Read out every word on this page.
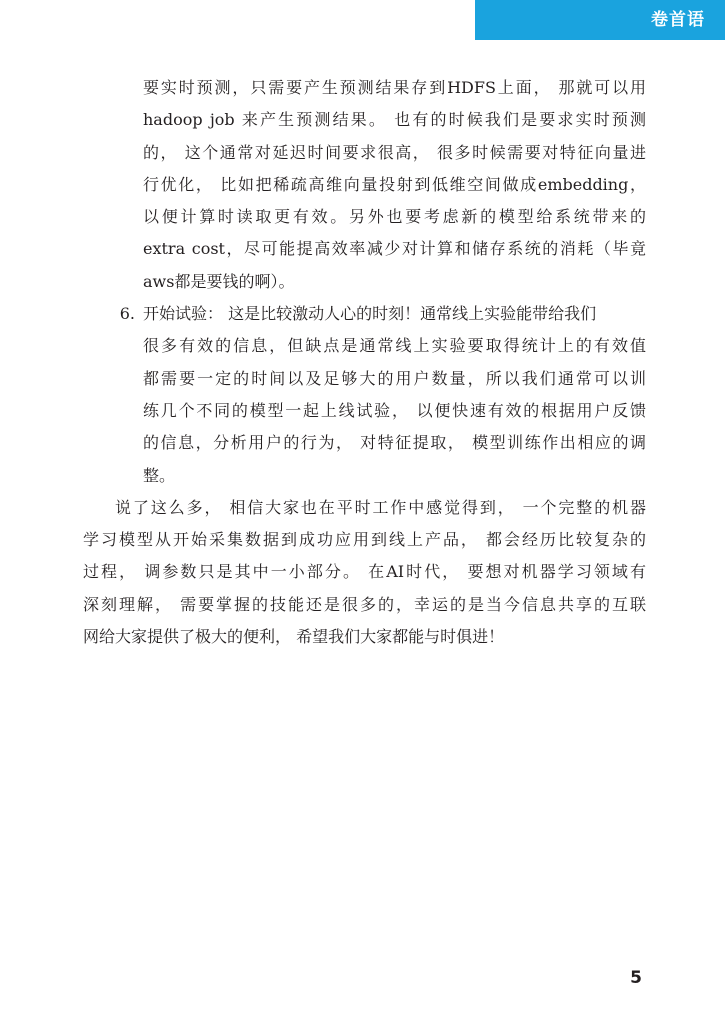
卷首语
要实时预测，只需要产生预测结果存到HDFS上面， 那就可以用
hadoop job 来产生预测结果。 也有的时候我们是要求实时预测
的， 这个通常对延迟时间要求很高， 很多时候需要对特征向量进
行优化， 比如把稀疏高维向量投射到低维空间做成embedding，
以便计算时读取更有效。另外也要考虑新的模型给系统带来的
extra cost，尽可能提高效率减少对计算和储存系统的消耗（毕竟
aws都是要钱的啊）。
6. 开始试验： 这是比较激动人心的时刻！通常线上实验能带给我们
很多有效的信息，但缺点是通常线上实验要取得统计上的有效值
都需要一定的时间以及足够大的用户数量，所以我们通常可以训
练几个不同的模型一起上线试验， 以便快速有效的根据用户反馈
的信息，分析用户的行为， 对特征提取， 模型训练作出相应的调
整。
说了这么多， 相信大家也在平时工作中感觉得到， 一个完整的机器
学习模型从开始采集数据到成功应用到线上产品， 都会经历比较复杂的
过程， 调参数只是其中一小部分。 在AI时代， 要想对机器学习领域有
深刻理解， 需要掌握的技能还是很多的，幸运的是当今信息共享的互联
网给大家提供了极大的便利， 希望我们大家都能与时俱进！
5
